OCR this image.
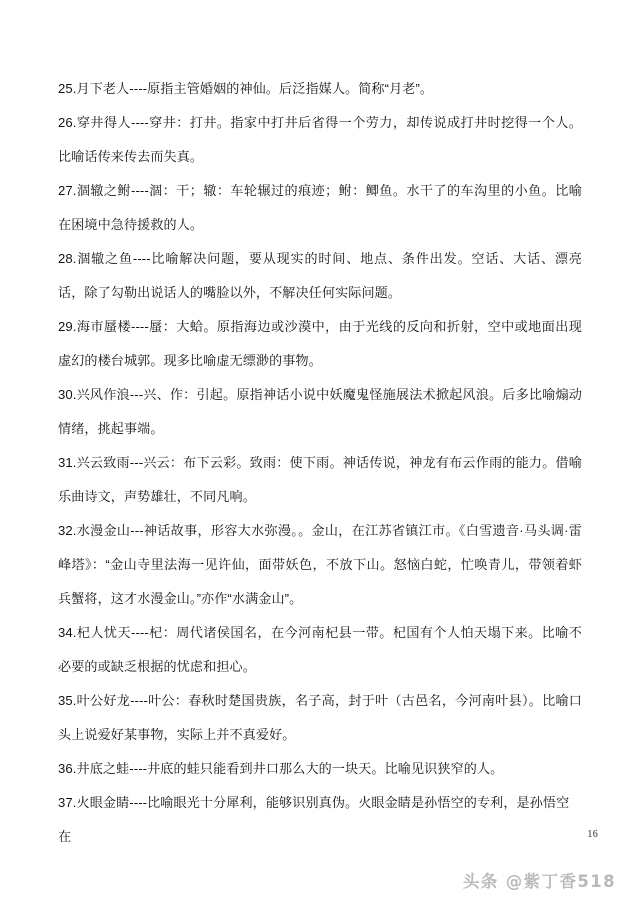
25.月下老人----原指主管婚姻的神仙。后泛指媒人。简称“月老”。

26.穿井得人----穿井：打井。指家中打井后省得一个劳力，却传说成打井时挖得一个人。比喻话传来传去而失真。

27.涸辙之鲋----涸：干；辙：车轮辗过的痕迹；鲋：鲫鱼。水干了的车沟里的小鱼。比喻在困境中急待援救的人。

28.涸辙之鱼----比喻解决问题，要从现实的时间、地点、条件出发。空话、大话、漂亮话，除了勾勒出说话人的嘴脸以外，不解决任何实际问题。

29.海市蜃楼----蜃：大蛤。原指海边或沙漠中，由于光线的反向和折射，空中或地面出现虚幻的楼台城郭。现多比喻虚无缥渺的事物。

30.兴风作浪---兴、作：引起。原指神话小说中妖魔鬼怪施展法术掀起风浪。后多比喻煽动情绪，挑起事端。

31.兴云致雨---兴云：布下云彩。致雨：使下雨。神话传说，神龙有布云作雨的能力。借喻乐曲诗文，声势雄壮，不同凡响。

32.水漫金山---神话故事，形容大水弥漫。。金山，在江苏省镇江市。《白雪遗音·马头调·雷峰塔》：“金山寺里法海一见许仙，面带妖色，不放下山。怒恼白蛇，忙唤青儿，带领着虾兵蟹将，这才水漫金山。”亦作“水满金山”。

34.杞人忧天----杞：周代诸侯国名，在今河南杞县一带。杞国有个人怕天塌下来。比喻不必要的或缺乏根据的忧虑和担心。

35.叶公好龙----叶公：春秋时楚国贵族，名子高，封于叶（古邑名，今河南叶县）。比喻口头上说爱好某事物，实际上并不真爱好。

36.井底之蛙----井底的蛙只能看到井口那么大的一块天。比喻见识狭窄的人。

37.火眼金睛----比喻眼光十分犀利，能够识别真伪。火眼金睛是孙悟空的专利，是孙悟空在	16
头条 @紫丁香518
